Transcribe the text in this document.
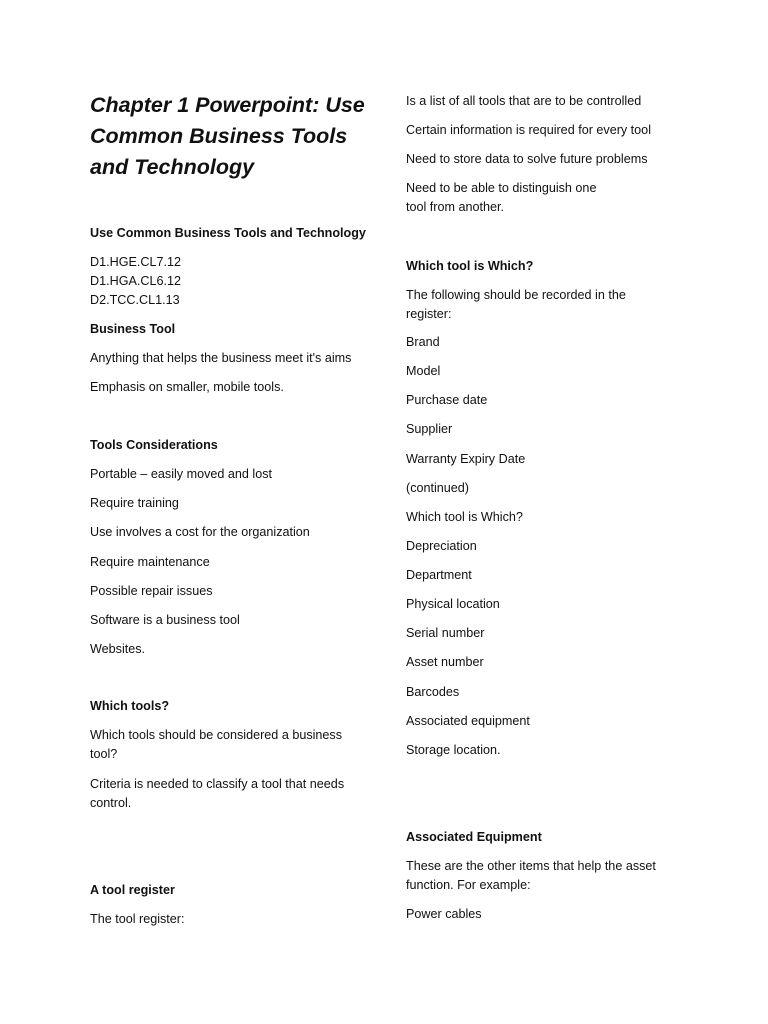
Chapter 1 Powerpoint: Use Common Business Tools and Technology

Use Common Business Tools and Technology

D1.HGE.CL7.12

D1.HGA.CL6.12

D2.TCC.CL1.13

Business Tool

Anything that helps the business meet it's aims

Emphasis on smaller, mobile tools.

Tools Considerations

Portable – easily moved and lost

Require training

Use involves a cost for the organization

Require maintenance

Possible repair issues

Software is a business tool

Websites.

Which tools?

Which tools should be considered a business tool?

Criteria is needed to classify a tool that needs control.

A tool register

The tool register:

Is a list of all tools that are to be controlled

Certain information is required for every tool

Need to store data to solve future problems

Need to be able to distinguish one

tool from another.

Which tool is Which?

The following should be recorded in the register:

Brand

Model

Purchase date

Supplier

Warranty Expiry Date

(continued)

Which tool is Which?

Depreciation

Department

Physical location

Serial number

Asset number

Barcodes

Associated equipment

Storage location.

Associated Equipment

These are the other items that help the asset function. For example:

Power cables
